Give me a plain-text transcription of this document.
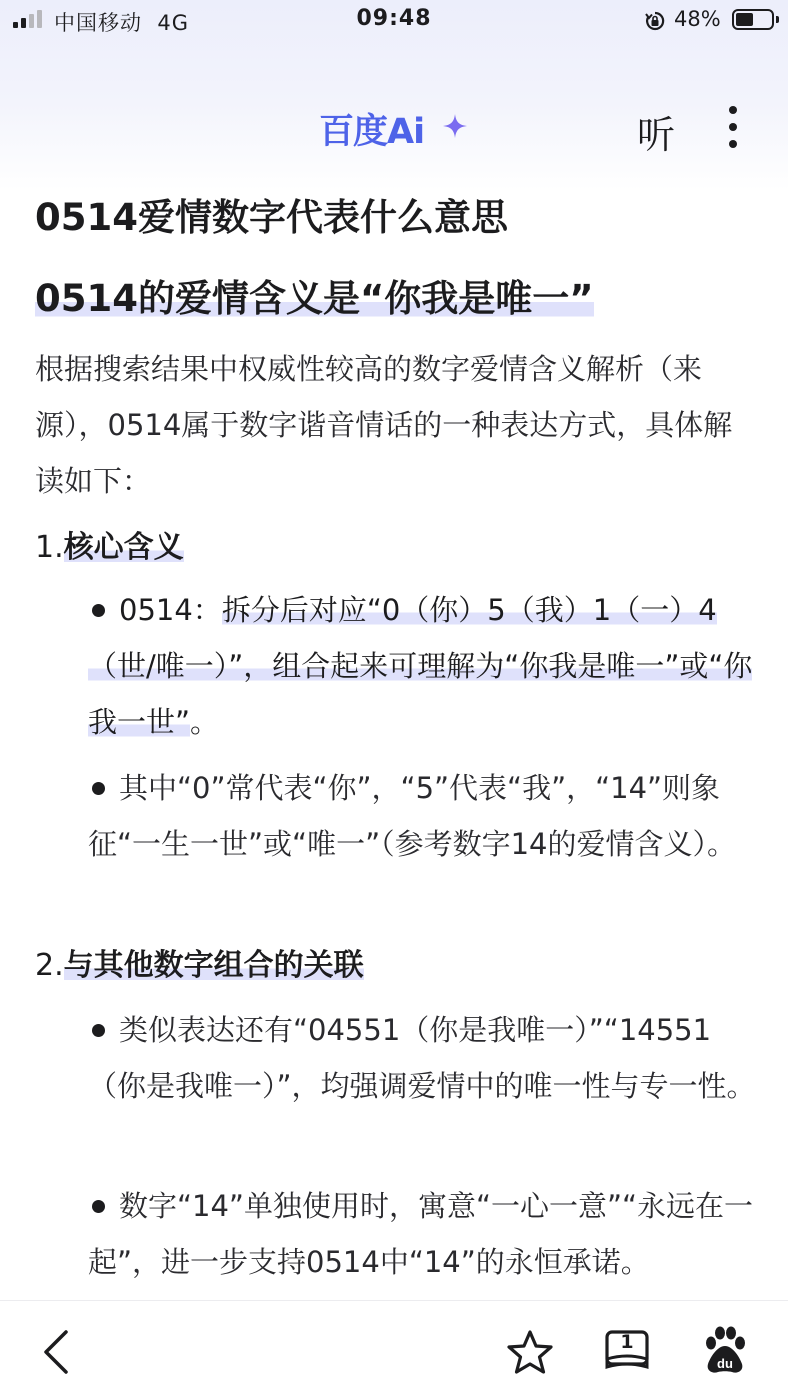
中国移动 4G	09:48	48%
百度Ai	听
0514爱情数字代表什么意思
0514的爱情含义是“你我是唯一”
根据搜索结果中权威性较高的数字爱情含义解析（来源），0514属于数字谐音情话的一种表达方式，具体解读如下：
1.核心含义
0514：拆分后对应“0（你）5（我）1（一）4（世/唯一）”，组合起来可理解为“你我是唯一”或“你我一世”。
其中“0”常代表“你”，“5”代表“我”，“14”则象征“一生一世”或“唯一”（参考数字14的爱情含义）。
2.与其他数字组合的关联
类似表达还有“04551（你是我唯一）”“14551（你是我唯一）”，均强调爱情中的唯一性与专一性。
数字“14”单独使用时，寓意“一心一意”“永远在一起”，进一步支持0514中“14”的永恒承诺。
1
du
